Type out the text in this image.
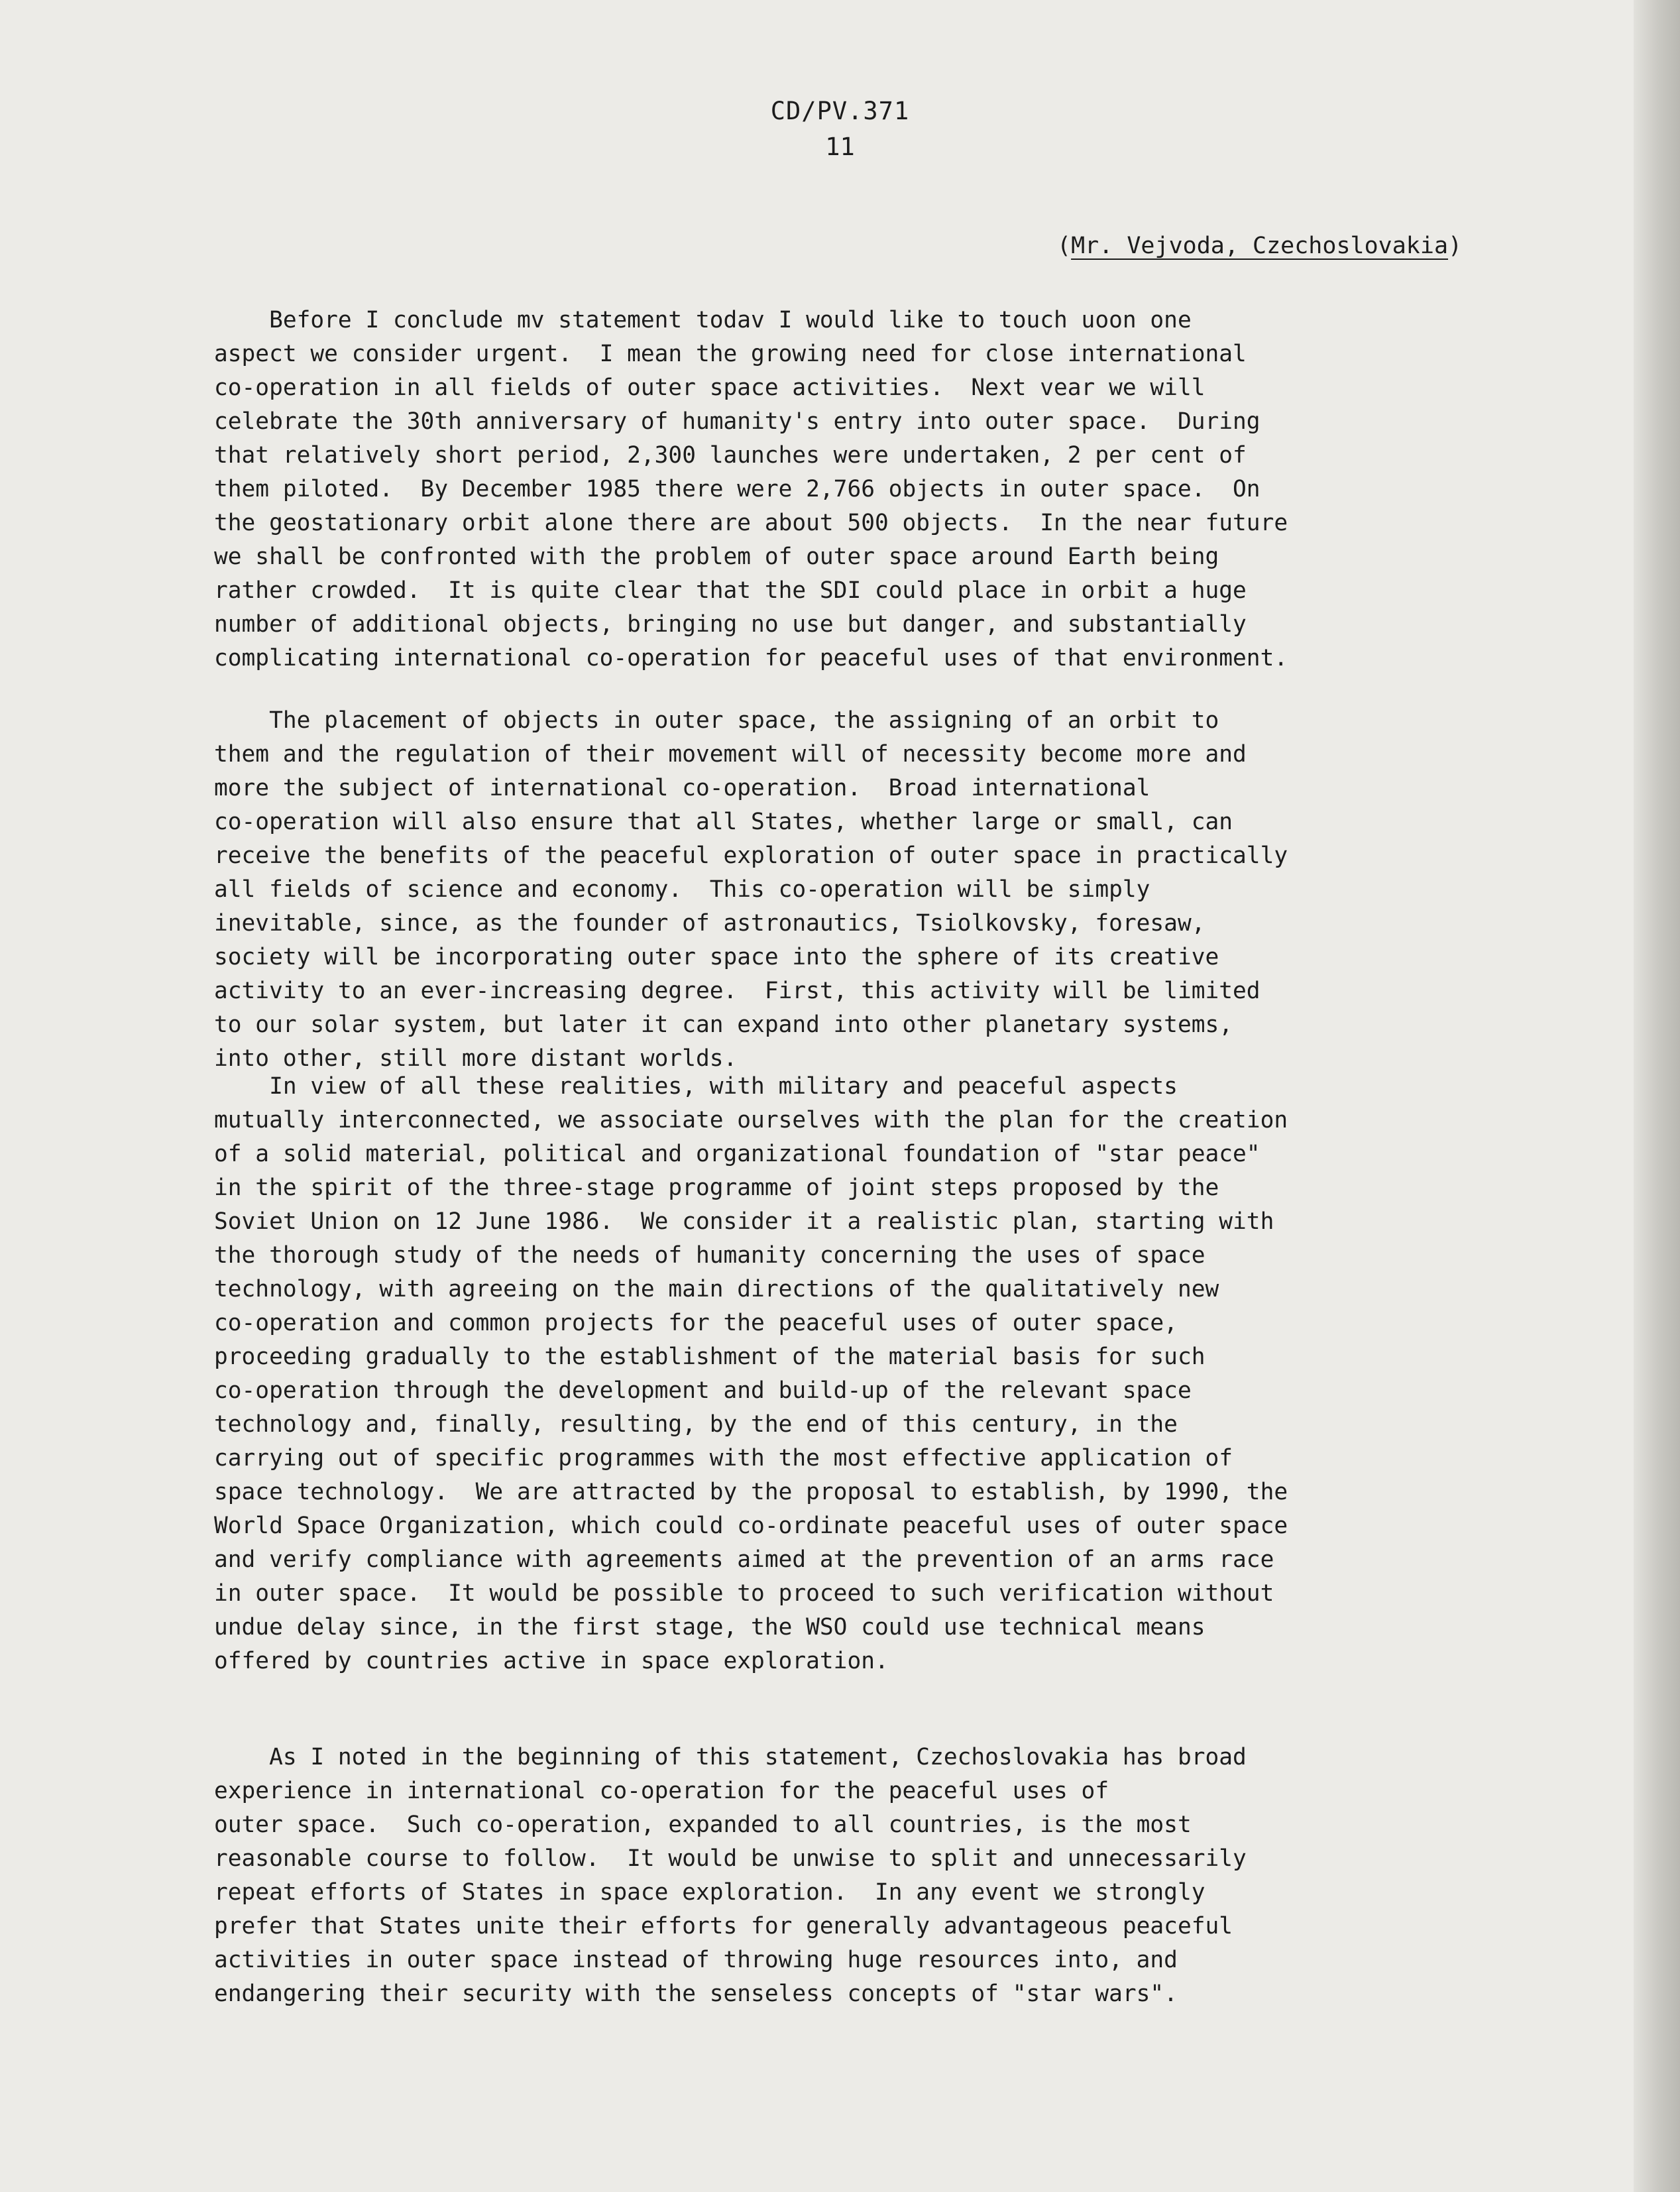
CD/PV.371
11
(Mr. Vejvoda, Czechoslovakia)

Before I conclude mv statement todav I would like to touch uoon one
aspect we consider urgent.  I mean the growing need for close international
co-operation in all fields of outer space activities.  Next vear we will
celebrate the 30th anniversary of humanity's entry into outer space.  During
that relatively short period, 2,300 launches were undertaken, 2 per cent of
them piloted.  By December 1985 there were 2,766 objects in outer space.  On
the geostationary orbit alone there are about 500 objects.  In the near future
we shall be confronted with the problem of outer space around Earth being
rather crowded.  It is quite clear that the SDI could place in orbit a huge
number of additional objects, bringing no use but danger, and substantially
complicating international co-operation for peaceful uses of that environment.

The placement of objects in outer space, the assigning of an orbit to
them and the regulation of their movement will of necessity become more and
more the subject of international co-operation.  Broad international
co-operation will also ensure that all States, whether large or small, can
receive the benefits of the peaceful exploration of outer space in practically
all fields of science and economy.  This co-operation will be simply
inevitable, since, as the founder of astronautics, Tsiolkovsky, foresaw,
society will be incorporating outer space into the sphere of its creative
activity to an ever-increasing degree.  First, this activity will be limited
to our solar system, but later it can expand into other planetary systems,
into other, still more distant worlds.

In view of all these realities, with military and peaceful aspects
mutually interconnected, we associate ourselves with the plan for the creation
of a solid material, political and organizational foundation of "star peace"
in the spirit of the three-stage programme of joint steps proposed by the
Soviet Union on 12 June 1986.  We consider it a realistic plan, starting with
the thorough study of the needs of humanity concerning the uses of space
technology, with agreeing on the main directions of the qualitatively new
co-operation and common projects for the peaceful uses of outer space,
proceeding gradually to the establishment of the material basis for such
co-operation through the development and build-up of the relevant space
technology and, finally, resulting, by the end of this century, in the
carrying out of specific programmes with the most effective application of
space technology.  We are attracted by the proposal to establish, by 1990, the
World Space Organization, which could co-ordinate peaceful uses of outer space
and verify compliance with agreements aimed at the prevention of an arms race
in outer space.  It would be possible to proceed to such verification without
undue delay since, in the first stage, the WSO could use technical means
offered by countries active in space exploration.

As I noted in the beginning of this statement, Czechoslovakia has broad
experience in international co-operation for the peaceful uses of
outer space.  Such co-operation, expanded to all countries, is the most
reasonable course to follow.  It would be unwise to split and unnecessarily
repeat efforts of States in space exploration.  In any event we strongly
prefer that States unite their efforts for generally advantageous peaceful
activities in outer space instead of throwing huge resources into, and
endangering their security with the senseless concepts of "star wars".
